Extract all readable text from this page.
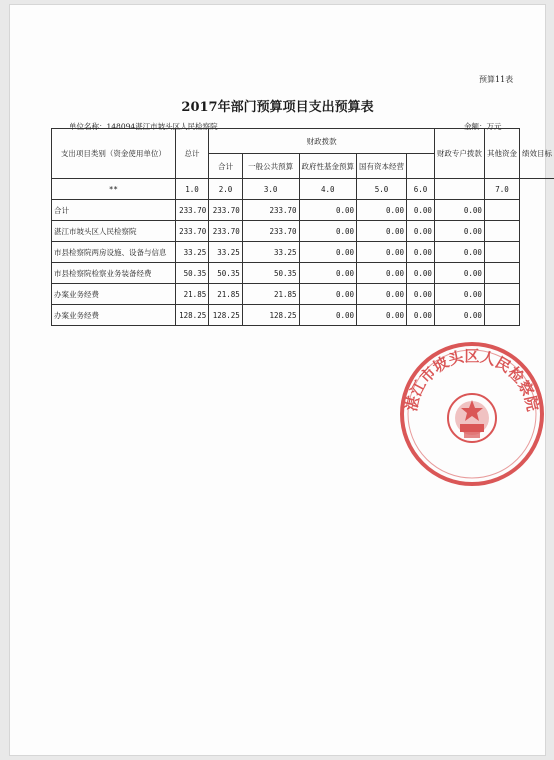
预算11表
2017年部门预算项目支出预算表
单位名称：148094湛江市坡头区人民检察院	金额：万元
支出项目类别（资金使用单位）	总计	财政拨款					财政专户拨款	其他资金	绩效目标
		合计	一般公共预算	政府性基金预算	国有资本经营				
**	1.0	2.0	3.0	4.0	5.0	6.0		7.0	
合计	233.70	233.70	233.70	0.00	0.00	0.00	0.00		
湛江市坡头区人民检察院	233.70	233.70	233.70	0.00	0.00	0.00	0.00		
市县检察院两房设施、设备与信息	33.25	33.25	33.25	0.00	0.00	0.00	0.00		
市县检察院检察业务装备经费	50.35	50.35	50.35	0.00	0.00	0.00	0.00		
办案业务经费	21.85	21.85	21.85	0.00	0.00	0.00	0.00		
办案业务经费	128.25	128.25	128.25	0.00	0.00	0.00	0.00		
湛江市坡头区人民检察院
